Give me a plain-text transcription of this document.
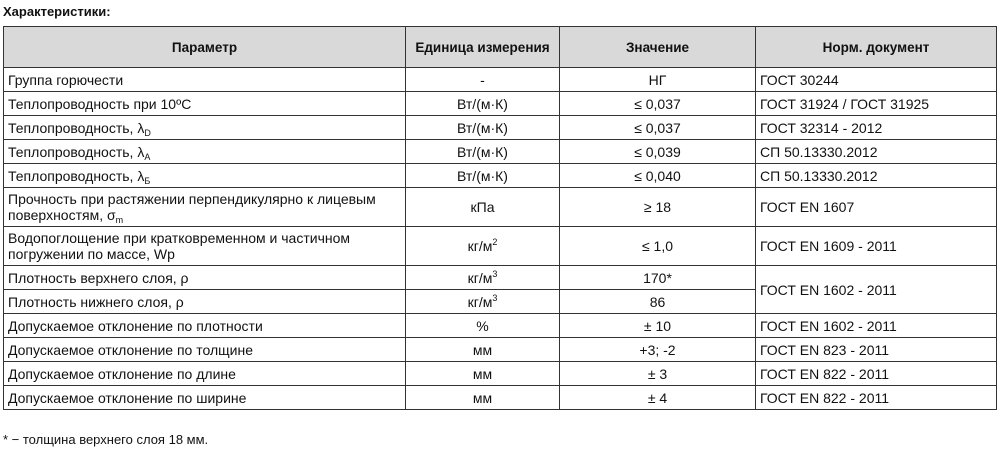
Характеристики:
Параметр	Единица измерения	Значение	Норм. документ
Группа горючести	-	НГ	ГОСТ 30244
Теплопроводность при 10ºС	Вт/(м·К)	≤ 0,037	ГОСТ 31924 / ГОСТ 31925
Теплопроводность, $\lambda_D$	Вт/(м·К)	≤ 0,037	ГОСТ 32314 - 2012
Теплопроводность, $\lambda_А$	Вт/(м·К)	≤ 0,039	СП 50.13330.2012
Теплопроводность, $\lambda_Б$	Вт/(м·К)	≤ 0,040	СП 50.13330.2012
Прочность при растяжении перпендикулярно к лицевым
поверхностям, $\sigma_m$	кПа	≥ 18	ГОСТ EN 1607
Водопоглощение при кратковременном и частичном
погружении по массе, Wp	$кг/м^2$	≤ 1,0	ГОСТ EN 1609 - 2011
Плотность верхнего слоя, ρ	$кг/м^3$	170*	ГОСТ EN 1602 - 2011
Плотность нижнего слоя, ρ	$кг/м^3$	86	
Допускаемое отклонение по плотности	%	± 10	ГОСТ EN 1602 - 2011
Допускаемое отклонение по толщине	мм	+3; -2	ГОСТ EN 823 - 2011
Допускаемое отклонение по длине	мм	± 3	ГОСТ EN 822 - 2011
Допускаемое отклонение по ширине	мм	± 4	ГОСТ EN 822 - 2011
* − толщина верхнего слоя 18 мм.
